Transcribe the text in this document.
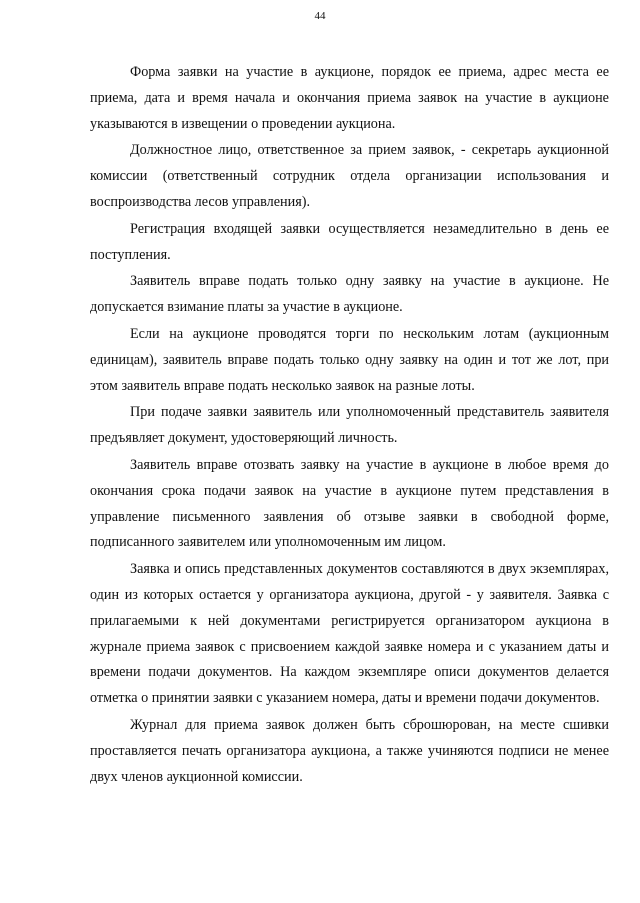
44

Форма заявки на участие в аукционе, порядок ее приема, адрес места ее приема, дата и время начала и окончания приема заявок на участие в аукционе указываются в извещении о проведении аукциона.

Должностное лицо, ответственное за прием заявок, - секретарь аукционной комиссии (ответственный сотрудник отдела организации использования и воспроизводства лесов управления).

Регистрация входящей заявки осуществляется незамедлительно в день ее поступления.

Заявитель вправе подать только одну заявку на участие в аукционе. Не допускается взимание платы за участие в аукционе.

Если на аукционе проводятся торги по нескольким лотам (аукционным единицам), заявитель вправе подать только одну заявку на один и тот же лот, при этом заявитель вправе подать несколько заявок на разные лоты.

При подаче заявки заявитель или уполномоченный представитель заявителя предъявляет документ, удостоверяющий личность.

Заявитель вправе отозвать заявку на участие в аукционе в любое время до окончания срока подачи заявок на участие в аукционе путем представления в управление письменного заявления об отзыве заявки в свободной форме, подписанного заявителем или уполномоченным им лицом.

Заявка и опись представленных документов составляются в двух экземплярах, один из которых остается у организатора аукциона, другой - у заявителя. Заявка с прилагаемыми к ней документами регистрируется организатором аукциона в журнале приема заявок с присвоением каждой заявке номера и с указанием даты и времени подачи документов. На каждом экземпляре описи документов делается отметка о принятии заявки с указанием номера, даты и времени подачи документов.

Журнал для приема заявок должен быть сброшюрован, на месте сшивки проставляется печать организатора аукциона, а также учиняются подписи не менее двух членов аукционной комиссии.
